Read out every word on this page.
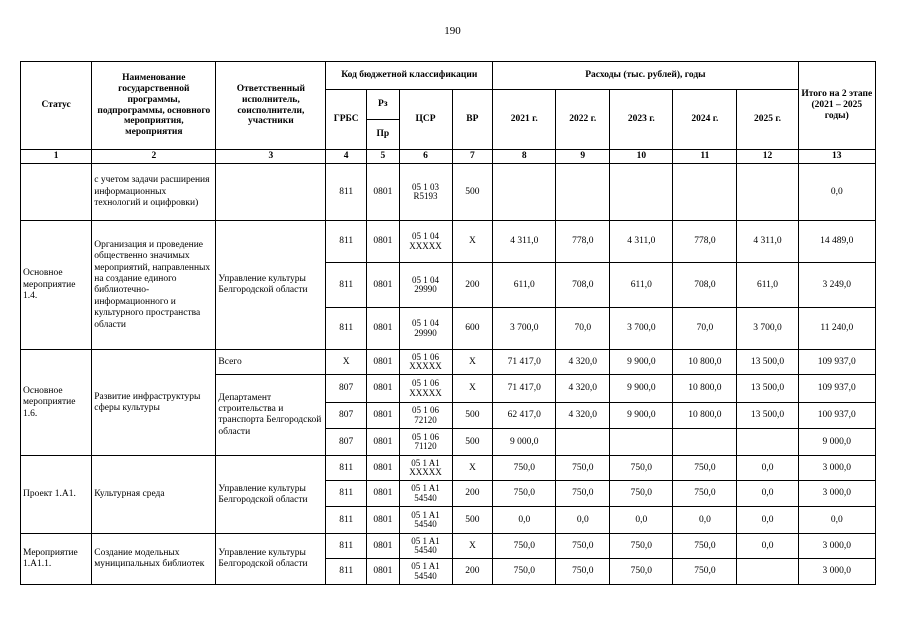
190
Статус	Наименование государственной программы, подпрограммы, основного мероприятия, мероприятия	Ответственный исполнитель, соисполнители, участники	Код бюджетной классификации				Расходы (тыс. рублей), годы					Итого на 2 этапе (2021 – 2025 годы)
			ГРБС	Рз	ЦСР	ВР	2021 г.	2022 г.	2023 г.	2024 г.	2025 г.	
				Пр								
1	2	3	4	5	6	7	8	9	10	11	12	13
	с учетом задачи расширения информационных технологий и оцифровки)		811	0801	05 1 03 R5193	500						0,0
Основное мероприятие 1.4.	Организация и проведение общественно значимых мероприятий, направленных на создание единого библиотечно-информационного и культурного пространства области	Управление культуры Белгородской области	811	0801	05 1 04 XXXXX	X	4 311,0	778,0	4 311,0	778,0	4 311,0	14 489,0
			811	0801	05 1 04 29990	200	611,0	708,0	611,0	708,0	611,0	3 249,0
			811	0801	05 1 04 29990	600	3 700,0	70,0	3 700,0	70,0	3 700,0	11 240,0
Основное мероприятие 1.6.	Развитие инфраструктуры сферы культуры	Всего	X	0801	05 1 06 XXXXX	X	71 417,0	4 320,0	9 900,0	10 800,0	13 500,0	109 937,0
		Департамент строительства и транспорта Белгородской области	807	0801	05 1 06 XXXXX	X	71 417,0	4 320,0	9 900,0	10 800,0	13 500,0	109 937,0
			807	0801	05 1 06 72120	500	62 417,0	4 320,0	9 900,0	10 800,0	13 500,0	100 937,0
			807	0801	05 1 06 71120	500	9 000,0					9 000,0
Проект 1.А1.	Культурная среда	Управление культуры Белгородской области	811	0801	05 1 A1 XXXXX	X	750,0	750,0	750,0	750,0	0,0	3 000,0
			811	0801	05 1 A1 54540	200	750,0	750,0	750,0	750,0	0,0	3 000,0
			811	0801	05 1 A1 54540	500	0,0	0,0	0,0	0,0	0,0	0,0
Мероприятие 1.А1.1.	Создание модельных муниципальных библиотек	Управление культуры Белгородской области	811	0801	05 1 A1 54540	X	750,0	750,0	750,0	750,0	0,0	3 000,0
			811	0801	05 1 A1 54540	200	750,0	750,0	750,0	750,0		3 000,0
